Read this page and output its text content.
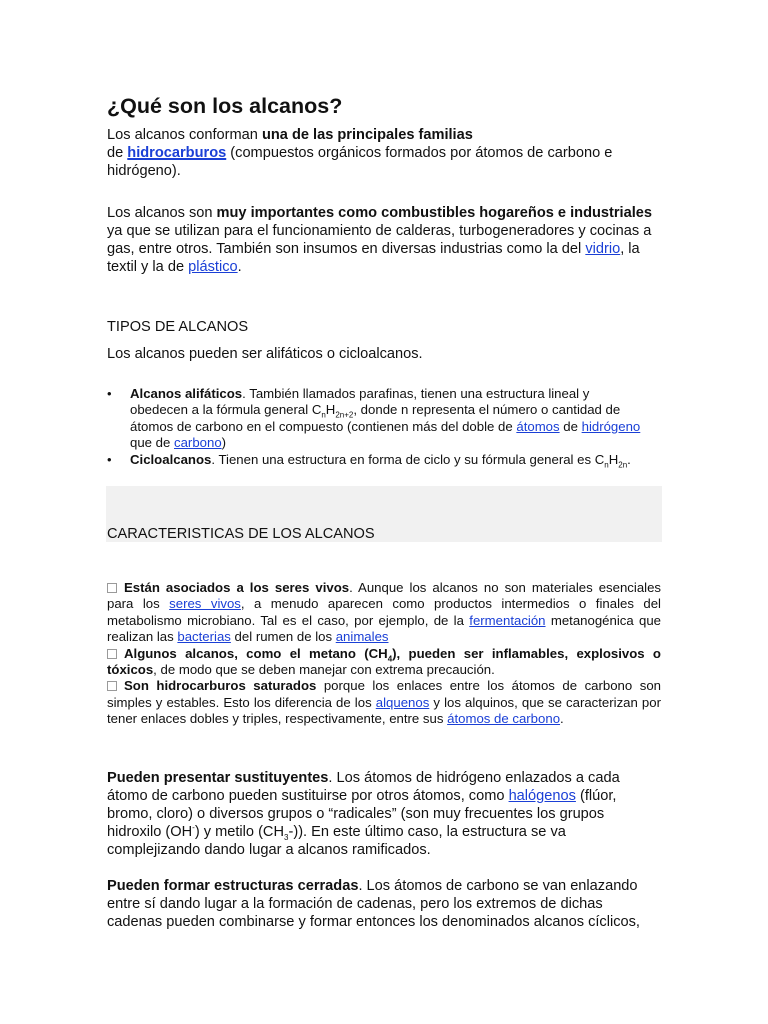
¿Qué son los alcanos?
Los alcanos conforman una de las principales familias
de hidrocarburos (compuestos orgánicos formados por átomos de carbono e hidrógeno).
Los alcanos son muy importantes como combustibles hogareños e industriales ya que se utilizan para el funcionamiento de calderas, turbogeneradores y cocinas a gas, entre otros. También son insumos en diversas industrias como la del vidrio, la textil y la de plástico.
TIPOS DE ALCANOS
Los alcanos pueden ser alifáticos o cicloalcanos.
• Alcanos alifáticos. También llamados parafinas, tienen una estructura lineal y obedecen a la fórmula general $C_nH_{2n+2}$, donde n representa el número o cantidad de átomos de carbono en el compuesto (contienen más del doble de átomos de hidrógeno que de carbono)
• Cicloalcanos. Tienen una estructura en forma de ciclo y su fórmula general es $C_nH_{2n}$.
CARACTERISTICAS DE LOS ALCANOS
Están asociados a los seres vivos. Aunque los alcanos no son materiales esenciales para los seres vivos, a menudo aparecen como productos intermedios o finales del metabolismo microbiano. Tal es el caso, por ejemplo, de la fermentación metanogénica que realizan las bacterias del rumen de los animales
Algunos alcanos, como el metano $(CH_4)$, pueden ser inflamables, explosivos o tóxicos, de modo que se deben manejar con extrema precaución.
Son hidrocarburos saturados porque los enlaces entre los átomos de carbono son simples y estables. Esto los diferencia de los alquenos y los alquinos, que se caracterizan por tener enlaces dobles y triples, respectivamente, entre sus átomos de carbono.
Pueden presentar sustituyentes. Los átomos de hidrógeno enlazados a cada átomo de carbono pueden sustituirse por otros átomos, como halógenos (flúor, bromo, cloro) o diversos grupos o “radicales” (son muy frecuentes los grupos hidroxilo (OH-) y metilo $(CH_3-)$). En este último caso, la estructura se va complejizando dando lugar a alcanos ramificados.
Pueden formar estructuras cerradas. Los átomos de carbono se van enlazando entre sí dando lugar a la formación de cadenas, pero los extremos de dichas cadenas pueden combinarse y formar entonces los denominados alcanos cíclicos,
